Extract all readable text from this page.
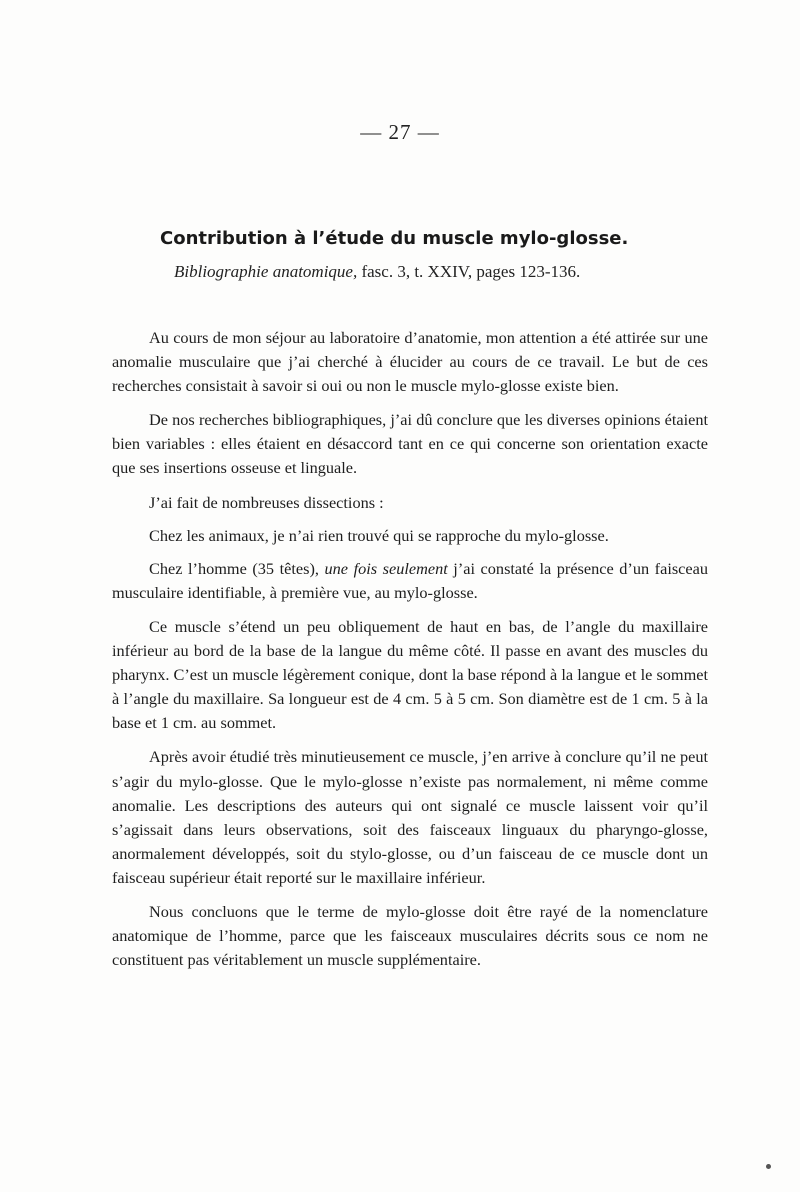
— 27 —
Contribution à l’étude du muscle mylo-glosse.
Bibliographie anatomique, fasc. 3, t. XXIV, pages 123-136.

Au cours de mon séjour au laboratoire d’anatomie, mon attention a été attirée sur une anomalie musculaire que j’ai cherché à élucider au cours de ce travail. Le but de ces recherches consistait à savoir si oui ou non le muscle mylo-glosse existe bien.

De nos recherches bibliographiques, j’ai dû conclure que les diverses opinions étaient bien variables : elles étaient en désaccord tant en ce qui concerne son orientation exacte que ses insertions osseuse et linguale.

J’ai fait de nombreuses dissections :

Chez les animaux, je n’ai rien trouvé qui se rapproche du mylo-glosse.

Chez l’homme (35 têtes), une fois seulement j’ai constaté la présence d’un faisceau musculaire identifiable, à première vue, au mylo-glosse.

Ce muscle s’étend un peu obliquement de haut en bas, de l’angle du maxillaire inférieur au bord de la base de la langue du même côté. Il passe en avant des muscles du pharynx. C’est un muscle légèrement conique, dont la base répond à la langue et le sommet à l’angle du maxillaire. Sa longueur est de 4 cm. 5 à 5 cm. Son diamètre est de 1 cm. 5 à la base et 1 cm. au sommet.

Après avoir étudié très minutieusement ce muscle, j’en arrive à conclure qu’il ne peut s’agir du mylo-glosse. Que le mylo-glosse n’existe pas normalement, ni même comme anomalie. Les descriptions des auteurs qui ont signalé ce muscle laissent voir qu’il s’agissait dans leurs observations, soit des faisceaux linguaux du pharyngo-glosse, anormalement développés, soit du stylo-glosse, ou d’un faisceau de ce muscle dont un faisceau supérieur était reporté sur le maxillaire inférieur.

Nous concluons que le terme de mylo-glosse doit être rayé de la nomenclature anatomique de l’homme, parce que les faisceaux musculaires décrits sous ce nom ne constituent pas véritablement un muscle supplémentaire.
